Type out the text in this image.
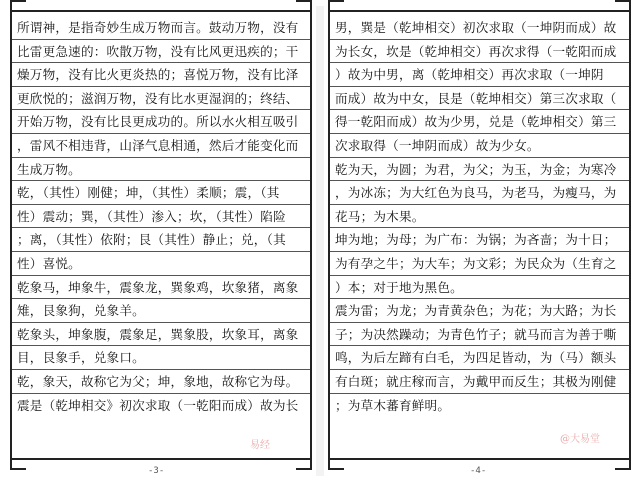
所谓神，是指奇妙生成万物而言。鼓动万物，没有
比雷更急速的：吹散万物，没有比风更迅疾的；干
燥万物，没有比火更炎热的；喜悦万物，没有比泽
更欣悦的；滋润万物，没有比水更湿润的；终结、
开始万物，没有比艮更成功的。所以水火相互吸引
，雷风不相违背，山泽气息相通，然后才能变化而
生成万物。
乾，（其性）刚健；坤，（其性）柔顺；震，（其
性）震动；巽，（其性）渗入；坎，（其性）陷险
；离，（其性）依附；艮（其性）静止；兑，（其
性）喜悦。
乾象马，坤象牛，震象龙，巽象鸡，坎象猪，离象
雉，艮象狗，兑象羊。
乾象头，坤象腹，震象足，巽象股，坎象耳，离象
目，艮象手，兑象口。
乾，象天，故称它为父；坤，象地，故称它为母。
震是（乾坤相交》初次求取（一乾阳而成）故为长
男，巽是（乾坤相交）初次求取（一坤阴而成）故
为长女，坎是（乾坤相交）再次求得（一乾阳而成
）故为中男，离（乾坤相交）再次求取（一坤阴
而成）故为中女，艮是（乾坤相交）第三次求取（
得一乾阳而成）故为少男，兑是（乾坤相交）第三
次求取得（一坤阴而成）故为少女。
乾为天，为圆；为君，为父；为玉，为金；为寒冷
，为冰冻；为大红色为良马，为老马，为瘦马，为
花马；为木果。
坤为地；为母；为广布：为锅；为吝啬；为十日；
为有孕之牛；为大车；为文彩；为民众为（生育之
）本；对于地为黑色。
震为雷；为龙；为青黄杂色；为花；为大路；为长
子；为决然躁动；为青色竹子；就马而言为善于嘶
鸣，为后左蹄有白毛，为四足皆动，为（马）额头
有白斑；就庄稼而言，为戴甲而反生；其极为刚健
；为草木蕃育鲜明。
-3-	-4-
易经
@大易堂
